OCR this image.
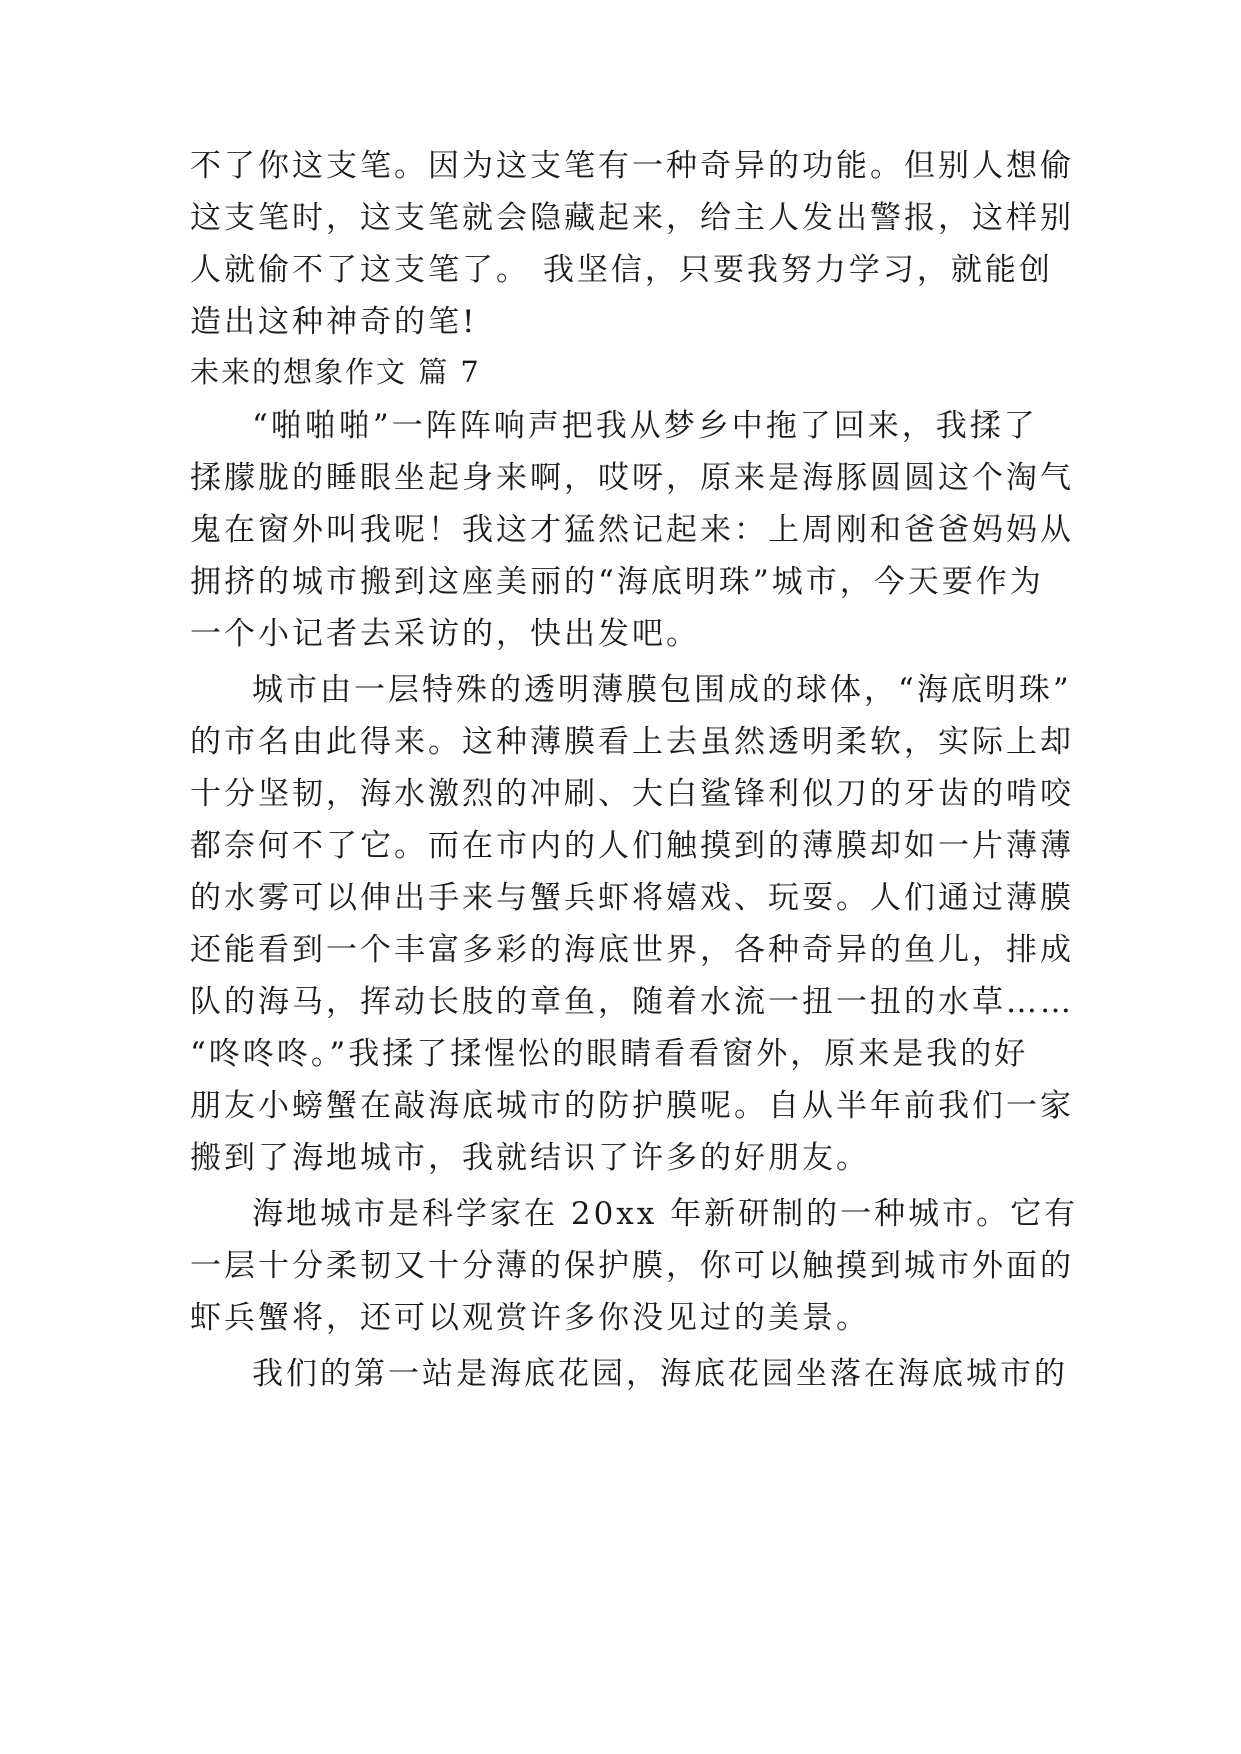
不了你这支笔。因为这支笔有一种奇异的功能。但别人想偷
这支笔时，这支笔就会隐藏起来，给主人发出警报，这样别
人就偷不了这支笔了。 我坚信，只要我努力学习，就能创
造出这种神奇的笔!
未来的想象作文 篇 7
“啪啪啪”一阵阵响声把我从梦乡中拖了回来，我揉了
揉朦胧的睡眼坐起身来啊，哎呀，原来是海豚圆圆这个淘气
鬼在窗外叫我呢！我这才猛然记起来：上周刚和爸爸妈妈从
拥挤的城市搬到这座美丽的“海底明珠”城市，今天要作为
一个小记者去采访的，快出发吧。
城市由一层特殊的透明薄膜包围成的球体，“海底明珠”
的市名由此得来。这种薄膜看上去虽然透明柔软，实际上却
十分坚韧，海水激烈的冲刷、大白鲨锋利似刀的牙齿的啃咬
都奈何不了它。而在市内的人们触摸到的薄膜却如一片薄薄
的水雾可以伸出手来与蟹兵虾将嬉戏、玩耍。人们通过薄膜
还能看到一个丰富多彩的海底世界，各种奇异的鱼儿，排成
队的海马，挥动长肢的章鱼，随着水流一扭一扭的水草……
“咚咚咚。”我揉了揉惺忪的眼睛看看窗外，原来是我的好
朋友小螃蟹在敲海底城市的防护膜呢。自从半年前我们一家
搬到了海地城市，我就结识了许多的好朋友。
海地城市是科学家在 20xx 年新研制的一种城市。它有
一层十分柔韧又十分薄的保护膜，你可以触摸到城市外面的
虾兵蟹将，还可以观赏许多你没见过的美景。
我们的第一站是海底花园，海底花园坐落在海底城市的
